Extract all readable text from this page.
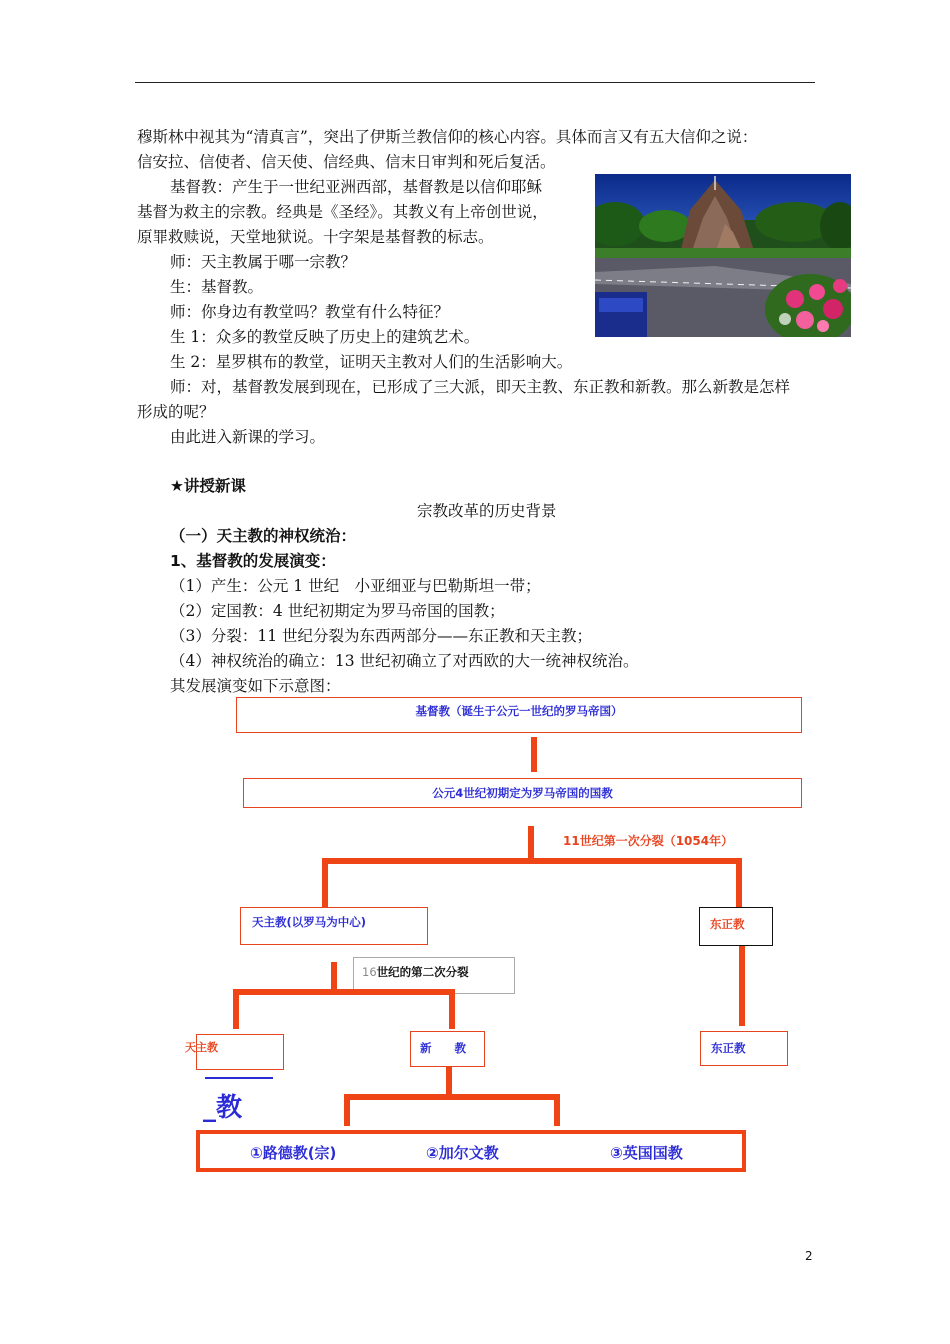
穆斯林中视其为“清真言”，突出了伊斯兰教信仰的核心内容。具体而言又有五大信仰之说：
信安拉、信使者、信天使、信经典、信末日审判和死后复活。
基督教：产生于一世纪亚洲西部，基督教是以信仰耶稣
基督为救主的宗教。经典是《圣经》。其教义有上帝创世说，
原罪救赎说，天堂地狱说。十字架是基督教的标志。
师：天主教属于哪一宗教？
生：基督教。
师：你身边有教堂吗？教堂有什么特征？
生 1：众多的教堂反映了历史上的建筑艺术。
生 2：星罗棋布的教堂，证明天主教对人们的生活影响大。
师：对，基督教发展到现在，已形成了三大派，即天主教、东正教和新教。那么新教是怎样
形成的呢？
由此进入新课的学习。
★讲授新课
宗教改革的历史背景
（一）天主教的神权统治：
1、基督教的发展演变：
（1）产生：公元 1 世纪　小亚细亚与巴勒斯坦一带；
（2）定国教：4 世纪初期定为罗马帝国的国教；
（3）分裂：11 世纪分裂为东西两部分——东正教和天主教；
（4）神权统治的确立：13 世纪初确立了对西欧的大一统神权统治。
其发展演变如下示意图：
基督教（诞生于公元一世纪的罗马帝国）
公元4世纪初期定为罗马帝国的国教
11世纪第一次分裂（1054年）
天主教(以罗马为中心)	东正教
16世纪的第二次分裂
天主教	新　　教	东正教
_教
①路德教(宗)	②加尔文教	③英国国教
2
